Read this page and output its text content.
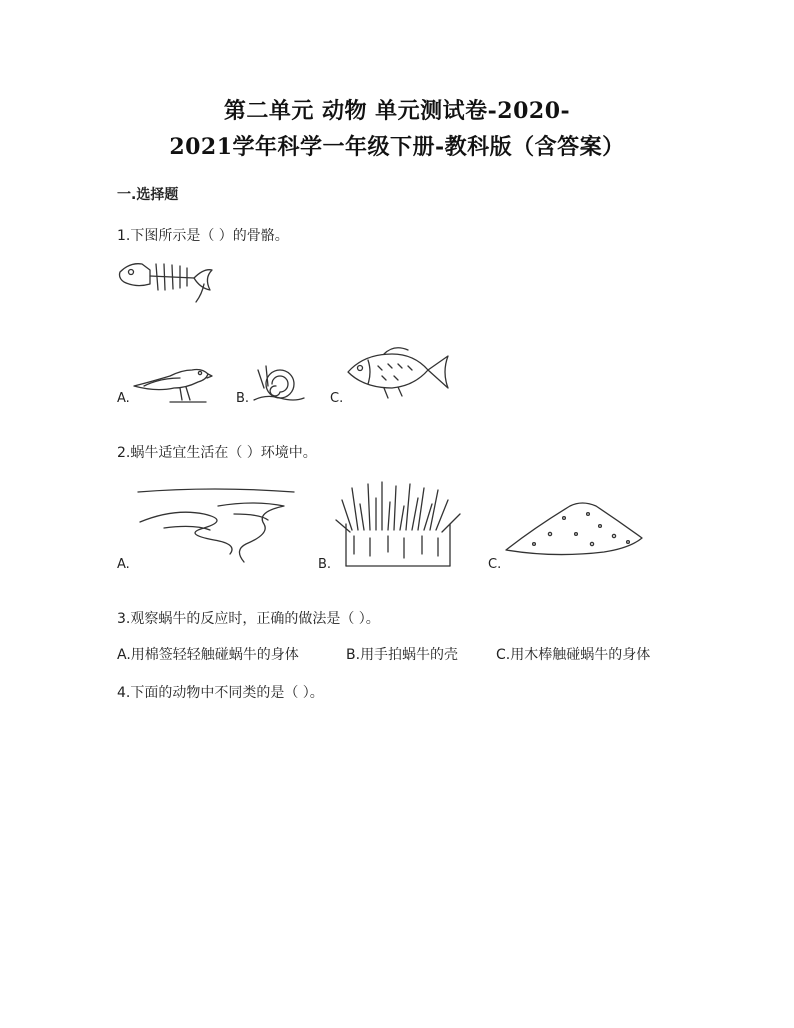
第二单元 动物 单元测试卷-2020-
2021学年科学一年级下册-教科版（含答案）
一.选择题
1.下图所示是（ ）的骨骼。
A.	B.	C.
2.蜗牛适宜生活在（ ）环境中。
A.	B.	C.
3.观察蜗牛的反应时，正确的做法是（ ）。
A.用棉签轻轻触碰蜗牛的身体	B.用手拍蜗牛的壳	C.用木棒触碰蜗牛的身体
4.下面的动物中不同类的是（ ）。
